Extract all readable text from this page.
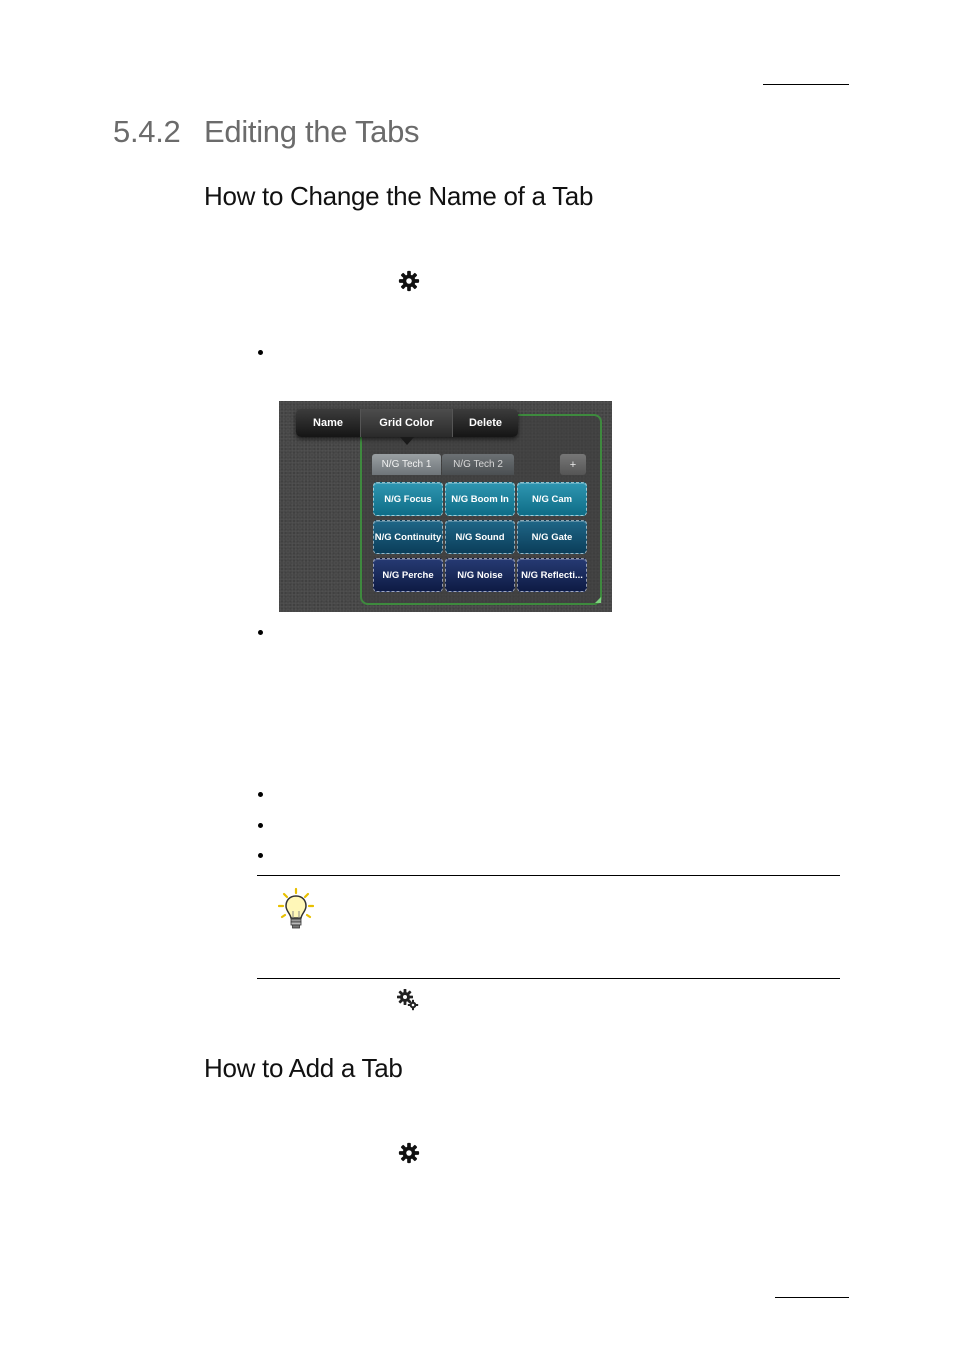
5.4.2 Editing the Tabs
How to Change the Name of a Tab
Name	Grid Color	Delete
N/G Tech 1	N/G Tech 2	+
N/G Focus	N/G Boom In	N/G Cam
N/G Continuity	N/G Sound	N/G Gate
N/G Perche	N/G Noise	N/G Reflecti...
◢
How to Add a Tab
